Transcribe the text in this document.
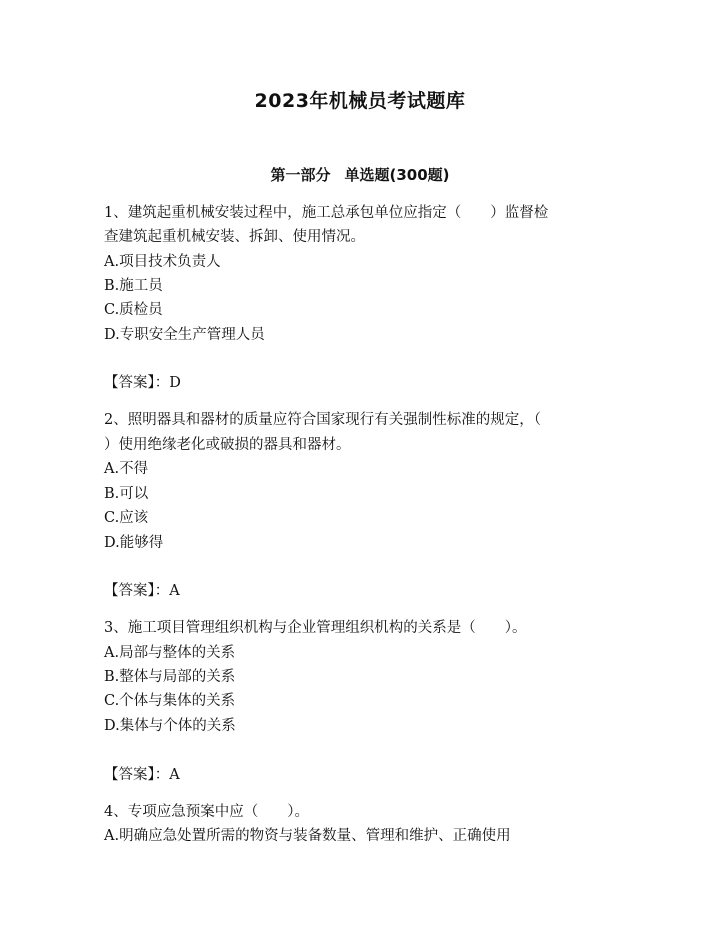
2023年机械员考试题库
第一部分 单选题(300题)
1、建筑起重机械安装过程中，施工总承包单位应指定（　　）监督检
查建筑起重机械安装、拆卸、使用情况。
A.项目技术负责人
B.施工员
C.质检员
D.专职安全生产管理人员
【答案】：D
2、照明器具和器材的质量应符合国家现行有关强制性标准的规定，（
）使用绝缘老化或破损的器具和器材。
A.不得
B.可以
C.应该
D.能够得
【答案】：A
3、施工项目管理组织机构与企业管理组织机构的关系是（　　）。
A.局部与整体的关系
B.整体与局部的关系
C.个体与集体的关系
D.集体与个体的关系
【答案】：A
4、专项应急预案中应（　　）。
A.明确应急处置所需的物资与装备数量、管理和维护、正确使用
